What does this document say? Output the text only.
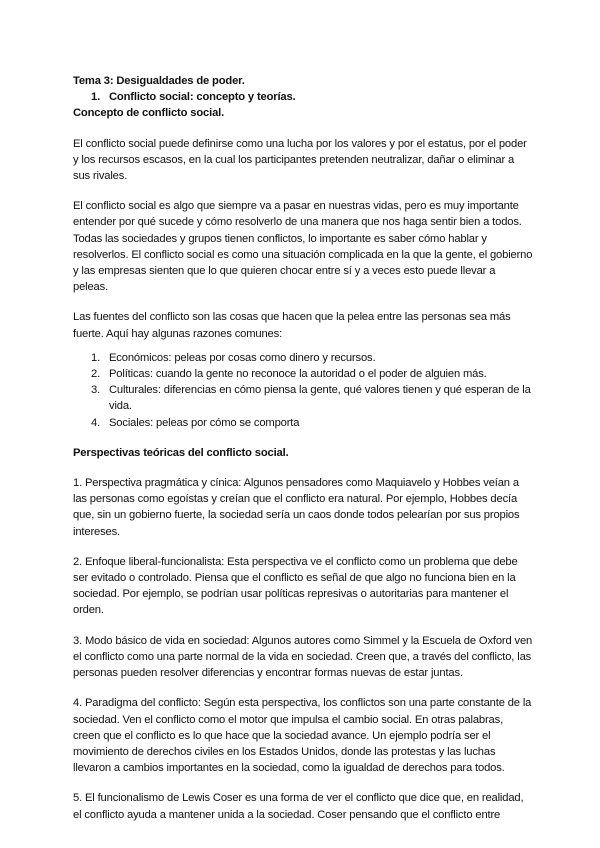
Tema 3: Desigualdades de poder.

1. Conflicto social: concepto y teorías.

Concepto de conflicto social.

El conflicto social puede definirse como una lucha por los valores y por el estatus, por el poder y los recursos escasos, en la cual los participantes pretenden neutralizar, dañar o eliminar a sus rivales.

El conflicto social es algo que siempre va a pasar en nuestras vidas, pero es muy importante entender por qué sucede y cómo resolverlo de una manera que nos haga sentir bien a todos. Todas las sociedades y grupos tienen conflictos, lo importante es saber cómo hablar y resolverlos. El conflicto social es como una situación complicada en la que la gente, el gobierno y las empresas sienten que lo que quieren chocar entre sí y a veces esto puede llevar a peleas.

Las fuentes del conflicto son las cosas que hacen que la pelea entre las personas sea más fuerte. Aquí hay algunas razones comunes:

1. Económicos: peleas por cosas como dinero y recursos.
2. Políticas: cuando la gente no reconoce la autoridad o el poder de alguien más.
3. Culturales: diferencias en cómo piensa la gente, qué valores tienen y qué esperan de la vida.
4. Sociales: peleas por cómo se comporta

Perspectivas teóricas del conflicto social.

1. Perspectiva pragmática y cínica: Algunos pensadores como Maquiavelo y Hobbes veían a las personas como egoístas y creían que el conflicto era natural. Por ejemplo, Hobbes decía que, sin un gobierno fuerte, la sociedad sería un caos donde todos pelearían por sus propios intereses.

2. Enfoque liberal-funcionalista: Esta perspectiva ve el conflicto como un problema que debe ser evitado o controlado. Piensa que el conflicto es señal de que algo no funciona bien en la sociedad. Por ejemplo, se podrían usar políticas represivas o autoritarias para mantener el orden.

3. Modo básico de vida en sociedad: Algunos autores como Simmel y la Escuela de Oxford ven el conflicto como una parte normal de la vida en sociedad. Creen que, a través del conflicto, las personas pueden resolver diferencias y encontrar formas nuevas de estar juntas.

4. Paradigma del conflicto: Según esta perspectiva, los conflictos son una parte constante de la sociedad. Ven el conflicto como el motor que impulsa el cambio social. En otras palabras, creen que el conflicto es lo que hace que la sociedad avance. Un ejemplo podría ser el movimiento de derechos civiles en los Estados Unidos, donde las protestas y las luchas llevaron a cambios importantes en la sociedad, como la igualdad de derechos para todos.

5. El funcionalismo de Lewis Coser es una forma de ver el conflicto que dice que, en realidad, el conflicto ayuda a mantener unida a la sociedad. Coser pensando que el conflicto entre
